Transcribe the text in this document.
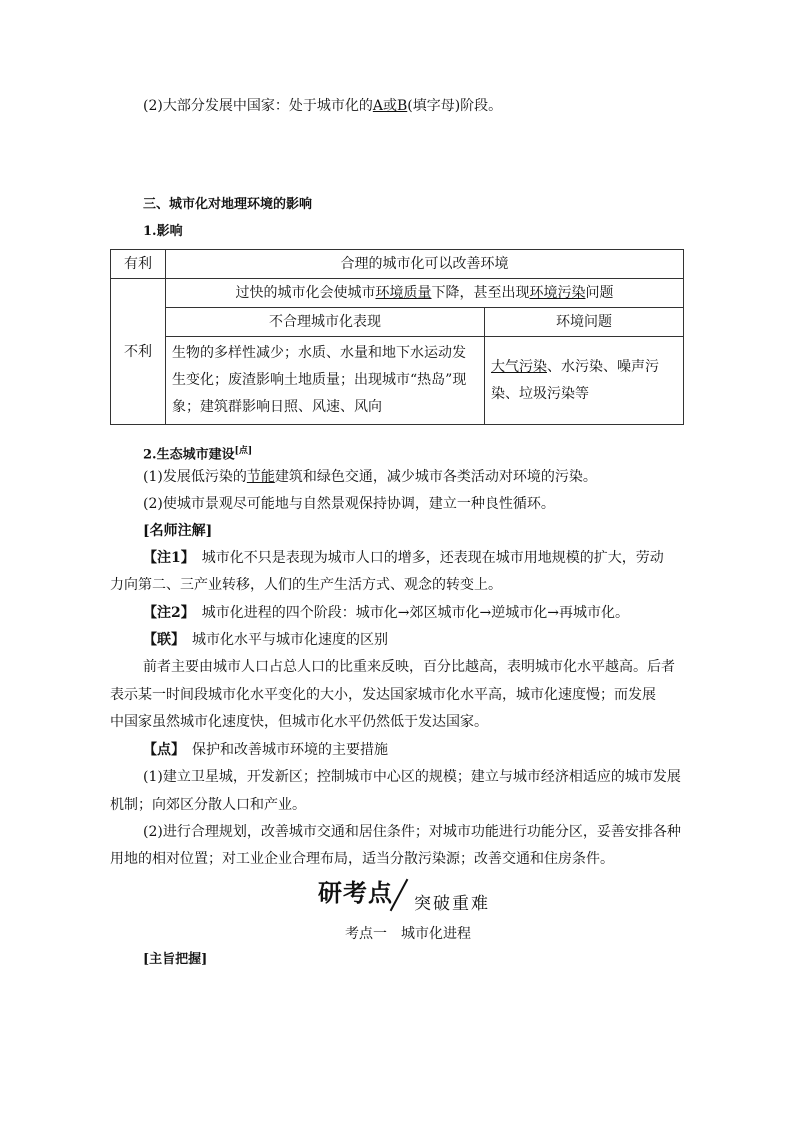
(2)大部分发展中国家：处于城市化的A或B(填字母)阶段。
三、城市化对地理环境的影响
1.影响
有利	合理的城市化可以改善环境	
不利	过快的城市化会使城市环境质量下降，甚至出现环境污染问题	
	不合理城市化表现	环境问题
	生物的多样性减少；水质、水量和地下水运动发生变化；废渣影响土地质量；出现城市“热岛”现象；建筑群影响日照、风速、风向	大气污染、水污染、噪声污染、垃圾污染等
2.生态城市建设[点]
(1)发展低污染的节能建筑和绿色交通，减少城市各类活动对环境的污染。
(2)使城市景观尽可能地与自然景观保持协调，建立一种良性循环。
[名师注解]
【注1】　 城市化不只是表现为城市人口的增多，还表现在城市用地规模的扩大，劳动
力向第二、三产业转移，人们的生产生活方式、观念的转变上。
【注2】　 城市化进程的四个阶段：城市化→郊区城市化→逆城市化→再城市化。
【联】　 城市化水平与城市化速度的区别
前者主要由城市人口占总人口的比重来反映，百分比越高，表明城市化水平越高。后者
表示某一时间段城市化水平变化的大小，发达国家城市化水平高，城市化速度慢；而发展
中国家虽然城市化速度快，但城市化水平仍然低于发达国家。
【点】　 保护和改善城市环境的主要措施
(1)建立卫星城，开发新区；控制城市中心区的规模；建立与城市经济相适应的城市发展
机制；向郊区分散人口和产业。
(2)进行合理规划，改善城市交通和居住条件；对城市功能进行功能分区，妥善安排各种
用地的相对位置；对工业企业合理布局，适当分散污染源；改善交通和住房条件。
研考点 突破重难
考点一　城市化进程
[主旨把握]
